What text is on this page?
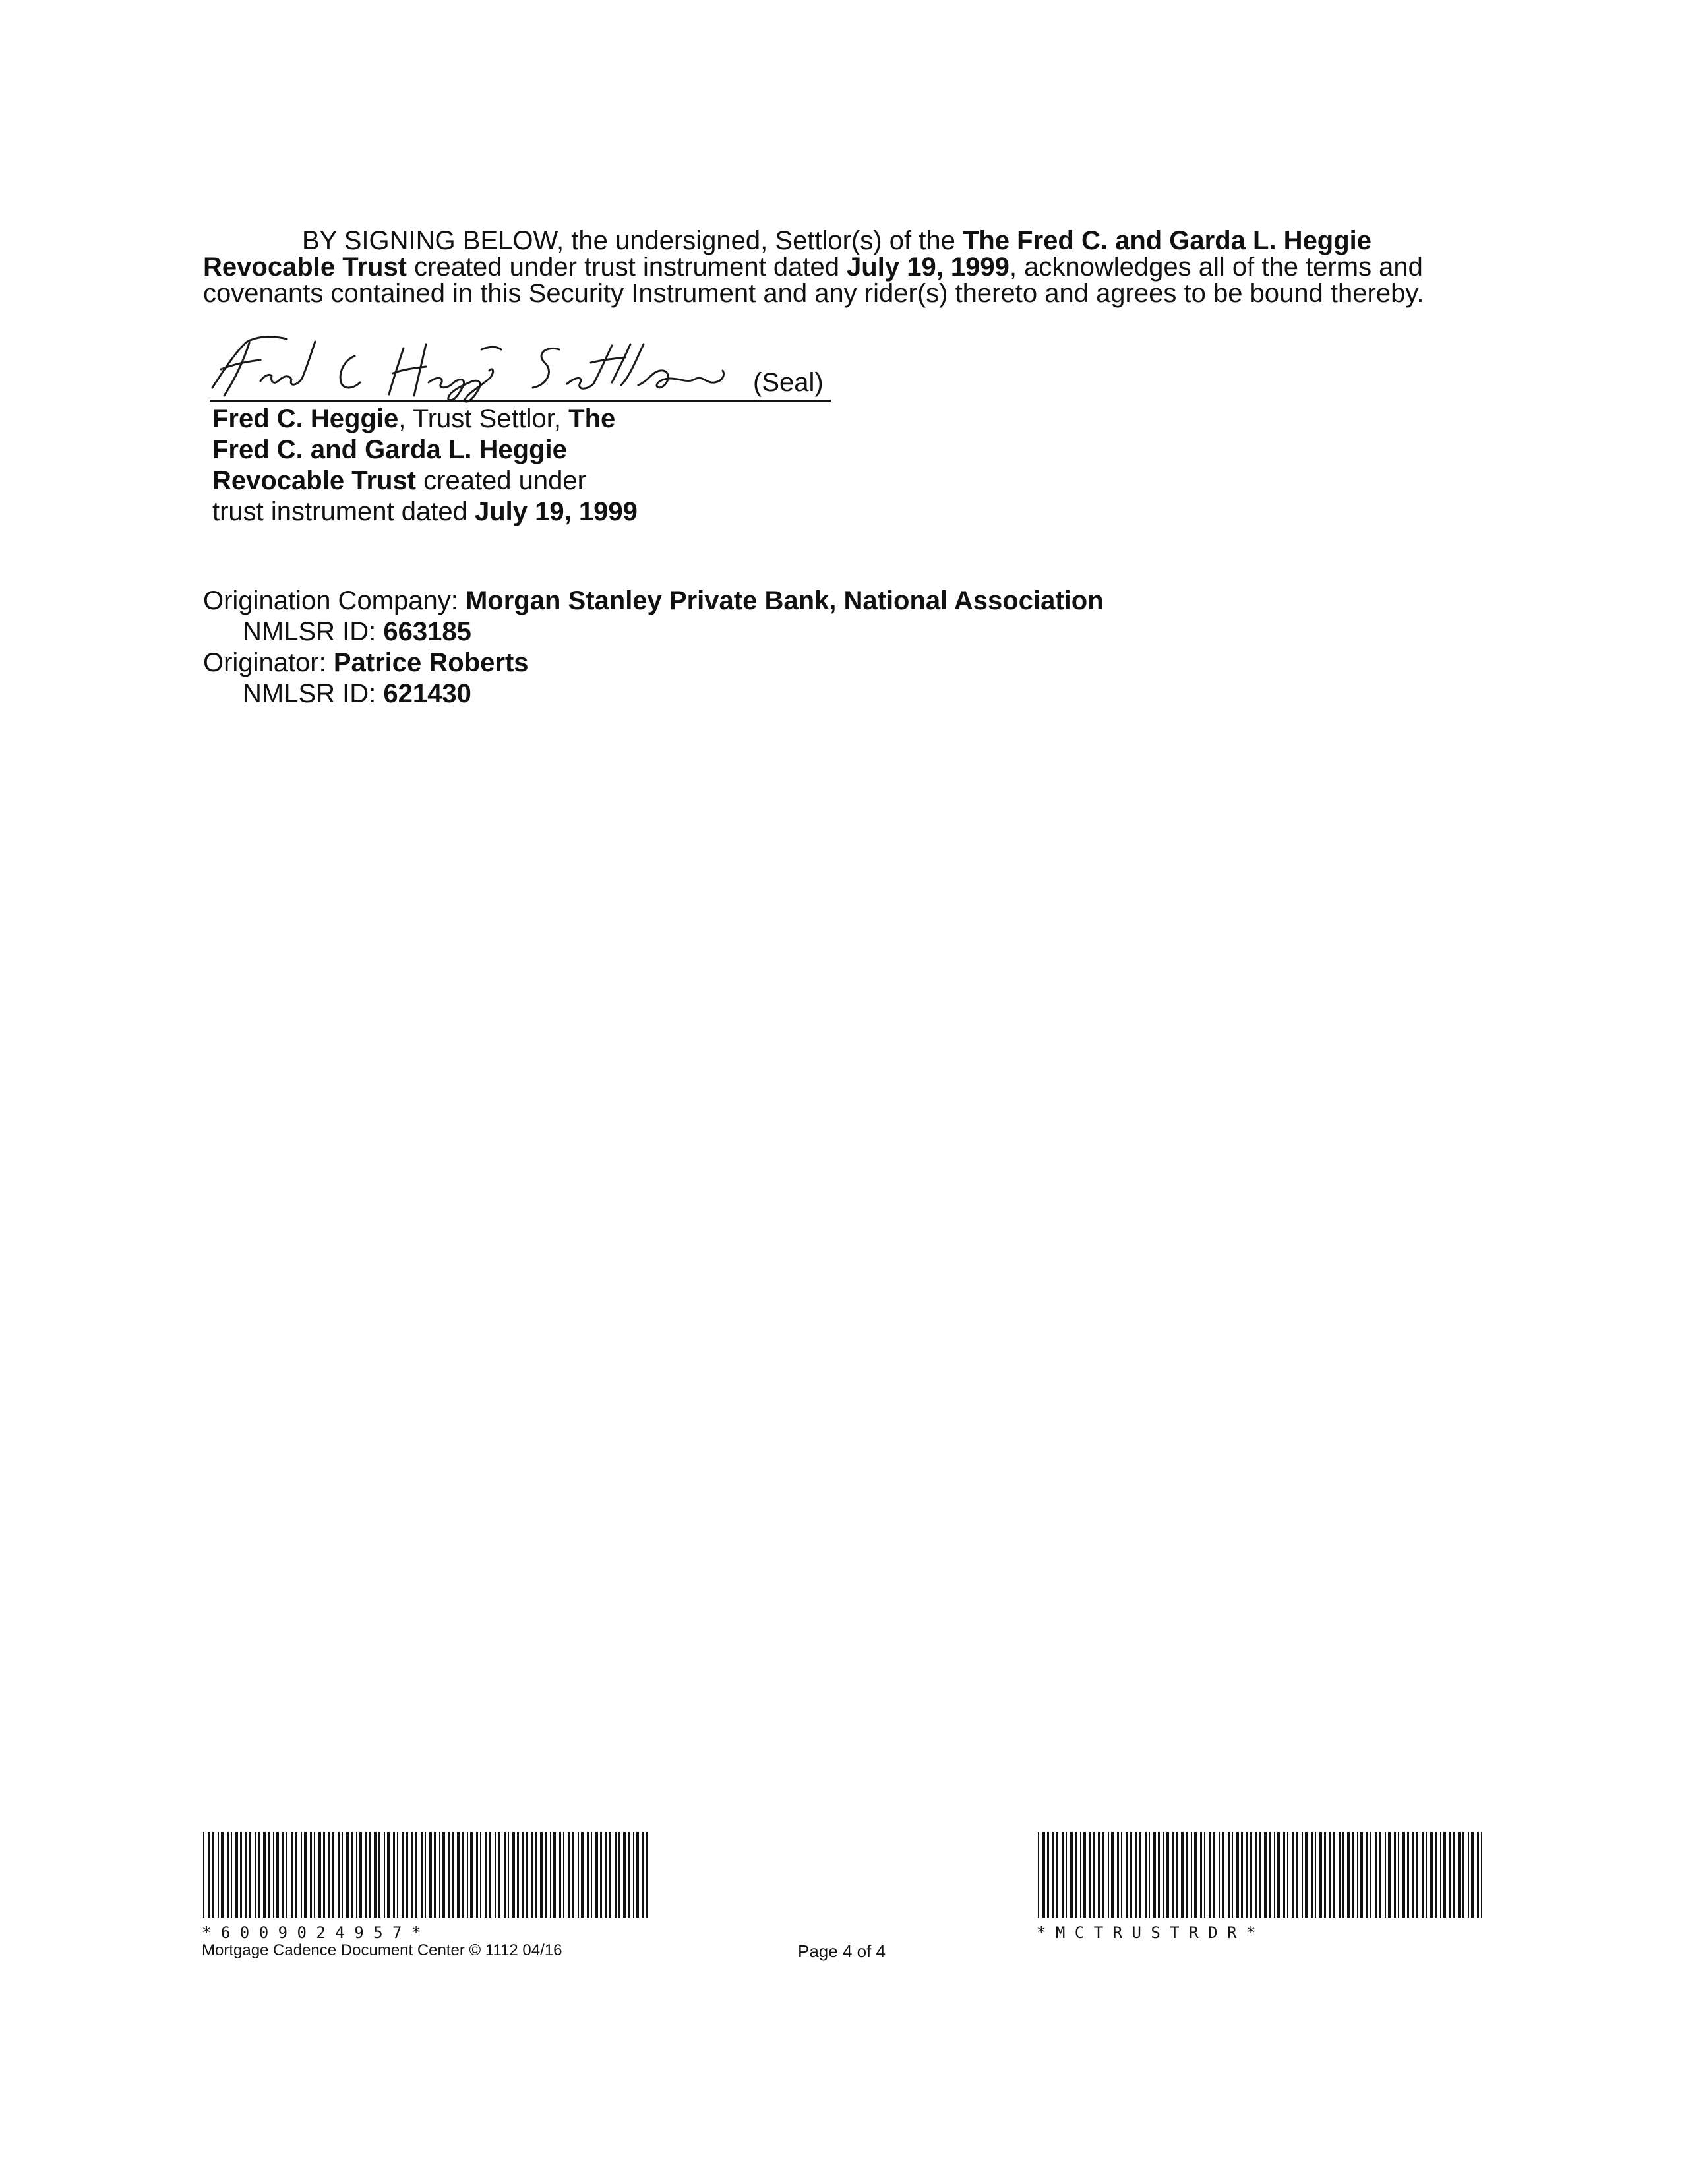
BY SIGNING BELOW, the undersigned, Settlor(s) of the The Fred C. and Garda L. Heggie
Revocable Trust created under trust instrument dated July 19, 1999, acknowledges all of the terms and
covenants contained in this Security Instrument and any rider(s) thereto and agrees to be bound thereby.
(Seal)
Fred C. Heggie, Trust Settlor, The
Fred C. and Garda L. Heggie
Revocable Trust created under
trust instrument dated July 19, 1999
Origination Company: Morgan Stanley Private Bank, National Association
NMLSR ID: 663185
Originator: Patrice Roberts
NMLSR ID: 621430
* 6 0 0 9 0 2 4 9 5 7 *	* M C T R U S T R D R *
Mortgage Cadence Document Center © 1112 04/16	Page 4 of 4
